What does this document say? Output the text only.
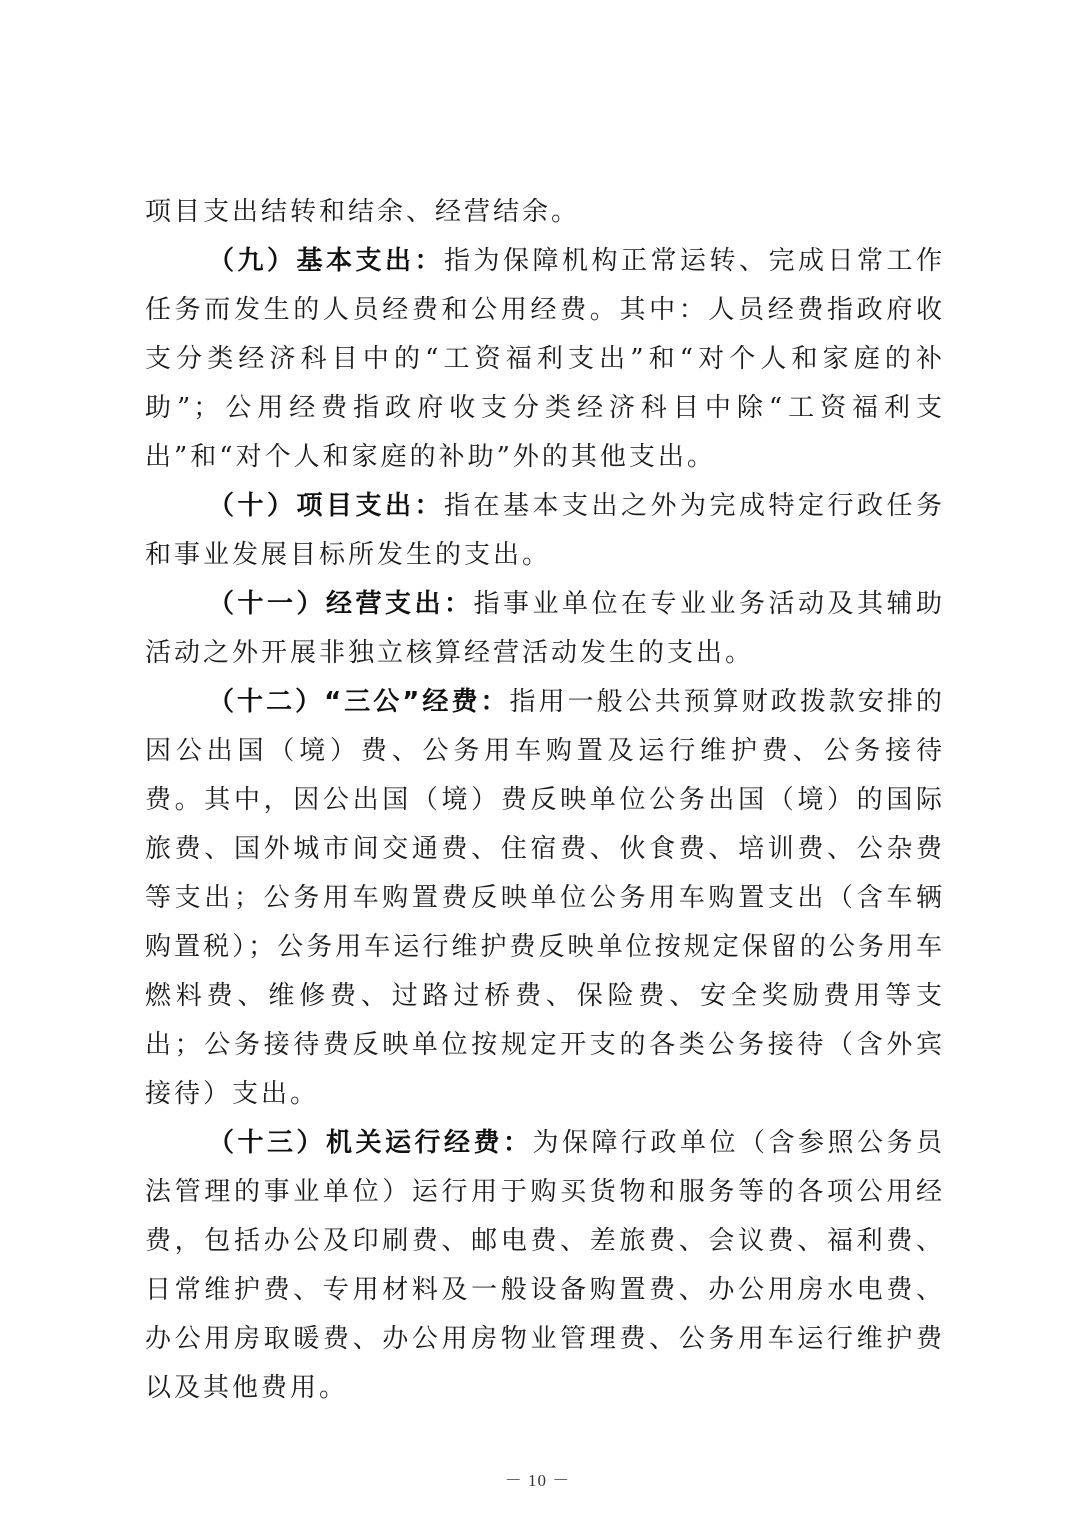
项目支出结转和结余、经营结余。

（九）基本支出：指为保障机构正常运转、完成日常工作任务而发生的人员经费和公用经费。其中：人员经费指政府收支分类经济科目中的“工资福利支出”和“对个人和家庭的补助”；公用经费指政府收支分类经济科目中除“工资福利支出”和“对个人和家庭的补助”外的其他支出。

（十）项目支出：指在基本支出之外为完成特定行政任务和事业发展目标所发生的支出。

（十一）经营支出：指事业单位在专业业务活动及其辅助活动之外开展非独立核算经营活动发生的支出。

（十二）“三公”经费：指用一般公共预算财政拨款安排的因公出国（境）费、公务用车购置及运行维护费、公务接待费。其中，因公出国（境）费反映单位公务出国（境）的国际旅费、国外城市间交通费、住宿费、伙食费、培训费、公杂费等支出；公务用车购置费反映单位公务用车购置支出（含车辆购置税）；公务用车运行维护费反映单位按规定保留的公务用车燃料费、维修费、过路过桥费、保险费、安全奖励费用等支出；公务接待费反映单位按规定开支的各类公务接待（含外宾接待）支出。

（十三）机关运行经费：为保障行政单位（含参照公务员法管理的事业单位）运行用于购买货物和服务等的各项公用经费，包括办公及印刷费、邮电费、差旅费、会议费、福利费、日常维护费、专用材料及一般设备购置费、办公用房水电费、办公用房取暖费、办公用房物业管理费、公务用车运行维护费以及其他费用。

－ 10 －
